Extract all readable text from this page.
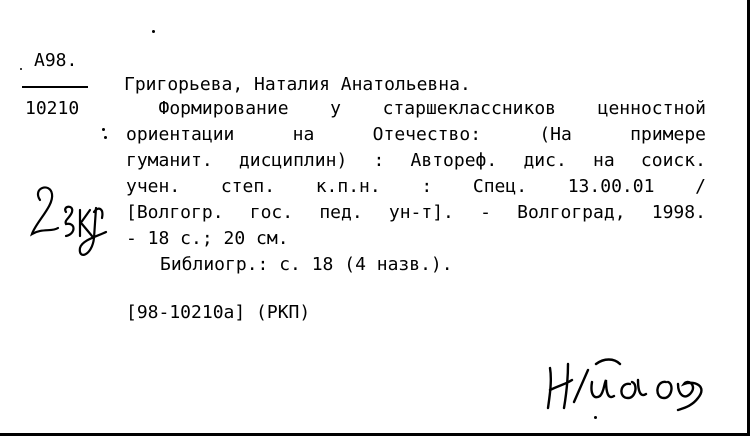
А98.
10210
Григорьева, Наталия Анатольевна.
Формирование у старшеклассников ценностной
ориентации	на	Отечество:	(На	примере
гуманит. дисциплин) : Автореф. дис. на соиск.
учен. степ. к.п.н. : Спец. 13.00.01 /
[Волгогр. гос. пед. ун-т]. - Волгоград, 1998.
- 18 с.; 20 см.
Библиогр.: с. 18 (4 назв.).
[98-10210а] (РКП)
